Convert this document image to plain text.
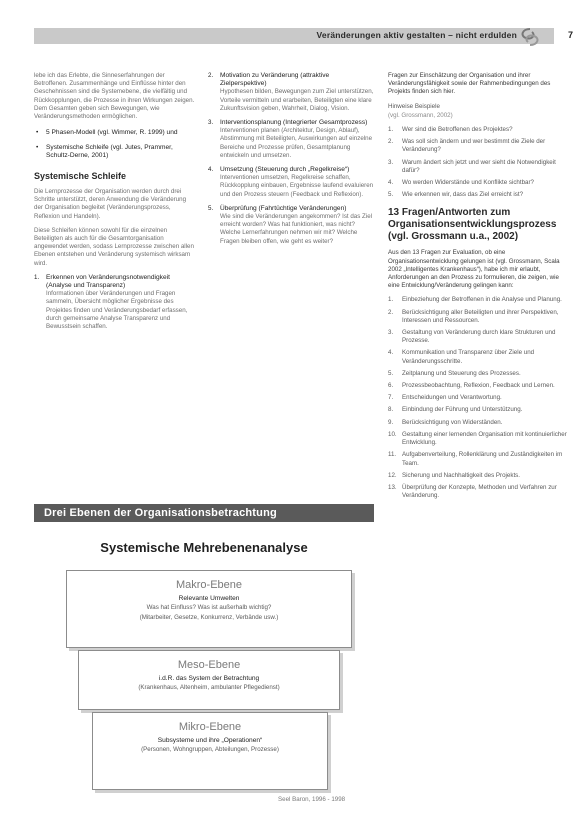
Veränderungen aktiv gestalten – nicht erdulden	7

lebe ich das Erlebte, die Sinneserfahrungen der Betroffenen. Zusammenhänge und Einflüsse hinter den Geschehnissen sind die Systemebene, die vielfältig und Rückkopplungen, die Prozesse in ihren Wirkungen zeigen. Dem Gesamten geben sich Bewegungen, wie Veränderungsmethoden ermöglichen.

• 5 Phasen-Modell (vgl. Wimmer, R. 1999) und
• Systemische Schleife (vgl. Jutes, Prammer, Schultz-Derne, 2001)
Systemische Schleife

Die Lernprozesse der Organisation werden durch drei Schritte unterstützt, deren Anwendung die Veränderung der Organisation begleitet (Veränderungsprozess, Reflexion und Handeln).

Diese Schleifen können sowohl für die einzelnen Beteiligten als auch für die Gesamtorganisation angewendet werden, sodass Lernprozesse zwischen allen Ebenen entstehen und Veränderung systemisch wirksam wird.

1. Erkennen von Veränderungsnotwendigkeit (Analyse und Transparenz)
Informationen über Veränderungen und Fragen sammeln, Übersicht möglicher Ergebnisse des Projektes finden und Veränderungsbedarf erfassen, durch gemeinsame Analyse Transparenz und Bewusstsein schaffen.
2. Motivation zu Veränderung (attraktive Zielperspektive)
Hypothesen bilden, Bewegungen zum Ziel unterstützen, Vorteile vermitteln und erarbeiten, Beteiligten eine klare Zukunftsvision geben, Wahrheit, Dialog, Vision.
3. Interventionsplanung (Integrierter Gesamtprozess)
Interventionen planen (Architektur, Design, Ablauf), Abstimmung mit Beteiligten, Auswirkungen auf einzelne Bereiche und Prozesse prüfen, Gesamtplanung entwickeln und umsetzen.
4. Umsetzung (Steuerung durch „Regelkreise“)
Interventionen umsetzen, Regelkreise schaffen, Rückkopplung einbauen, Ergebnisse laufend evaluieren und den Prozess steuern (Feedback und Reflexion).
5. Überprüfung (Fahrtüchtige Veränderungen)
Wie sind die Veränderungen angekommen? Ist das Ziel erreicht worden? Was hat funktioniert, was nicht? Welche Lernerfahrungen nehmen wir mit? Welche Fragen bleiben offen, wie geht es weiter?

Fragen zur Einschätzung der Organisation und ihrer Veränderungsfähigkeit sowie der Rahmenbedingungen des Projekts finden sich hier.

Hinweise Beispiele
(vgl. Grossmann, 2002)
1. Wer sind die Betroffenen des Projektes?
2. Was soll sich ändern und wer bestimmt die Ziele der Veränderung?
3. Warum ändert sich jetzt und wer sieht die Notwendigkeit dafür?
4. Wo werden Widerstände und Konflikte sichtbar?
5. Wie erkennen wir, dass das Ziel erreicht ist?
13 Fragen/Antworten zum Organisationsentwicklungsprozess (vgl. Grossmann u.a., 2002)

Aus den 13 Fragen zur Evaluation, ob eine Organisationsentwicklung gelungen ist (vgl. Grossmann, Scala 2002 „Intelligentes Krankenhaus“), habe ich mir erlaubt, Anforderungen an den Prozess zu formulieren, die zeigen, wie eine Entwicklung/Veränderung gelingen kann:

1. Einbeziehung der Betroffenen in die Analyse und Planung.
2. Berücksichtigung aller Beteiligten und ihrer Perspektiven, Interessen und Ressourcen.
3. Gestaltung von Veränderung durch klare Strukturen und Prozesse.
4. Kommunikation und Transparenz über Ziele und Veränderungsschritte.
5. Zeitplanung und Steuerung des Prozesses.
6. Prozessbeobachtung, Reflexion, Feedback und Lernen.
7. Entscheidungen und Verantwortung.
8. Einbindung der Führung und Unterstützung.
9. Berücksichtigung von Widerständen.
10. Gestaltung einer lernenden Organisation mit kontinuierlicher Entwicklung.
11. Aufgabenverteilung, Rollenklärung und Zuständigkeiten im Team.
12. Sicherung und Nachhaltigkeit des Projekts.
13. Überprüfung der Konzepte, Methoden und Verfahren zur Veränderung.
Drei Ebenen der Organisationsbetrachtung
Systemische Mehrebenenanalyse
Makro-Ebene
Relevante Umwelten
Was hat Einfluss? Was ist außerhalb wichtig?
(Mitarbeiter, Gesetze, Konkurrenz, Verbände usw.)
Meso-Ebene
i.d.R. das System der Betrachtung
(Krankenhaus, Altenheim, ambulanter Pflegedienst)
Mikro-Ebene
Subsysteme und ihre „Operationen“
(Personen, Wohngruppen, Abteilungen, Prozesse)
Seel Baron, 1996 - 1998
